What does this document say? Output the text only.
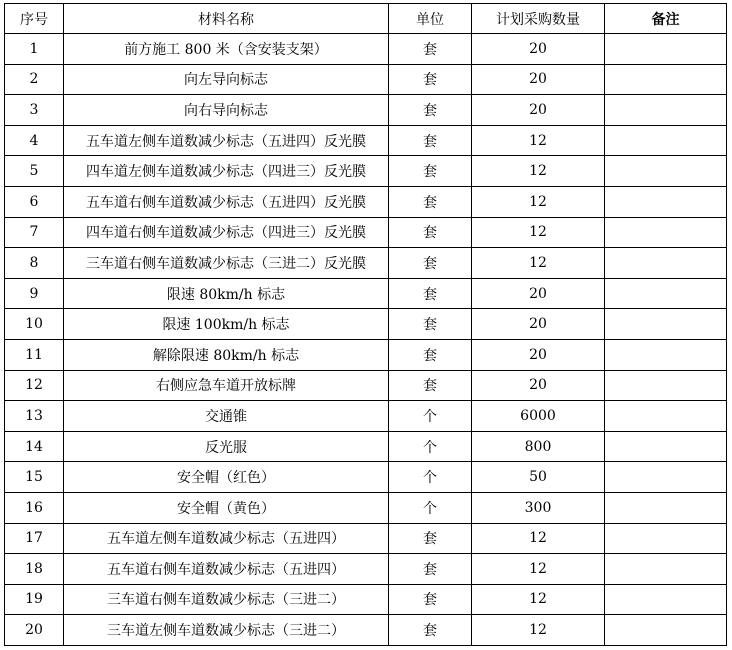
序号	材料名称	单位	计划采购数量	备注
1	前方施工 800 米（含安装支架）	套	20	
2	向左导向标志	套	20	
3	向右导向标志	套	20	
4	五车道左侧车道数减少标志（五进四）反光膜	套	12	
5	四车道左侧车道数减少标志（四进三）反光膜	套	12	
6	五车道右侧车道数减少标志（五进四）反光膜	套	12	
7	四车道右侧车道数减少标志（四进三）反光膜	套	12	
8	三车道右侧车道数减少标志（三进二）反光膜	套	12	
9	限速 80km/h 标志	套	20	
10	限速 100km/h 标志	套	20	
11	解除限速 80km/h 标志	套	20	
12	右侧应急车道开放标牌	套	20	
13	交通锥	个	6000	
14	反光服	个	800	
15	安全帽（红色）	个	50	
16	安全帽（黄色）	个	300	
17	五车道左侧车道数减少标志（五进四）	套	12	
18	五车道右侧车道数减少标志（五进四）	套	12	
19	三车道右侧车道数减少标志（三进二）	套	12	
20	三车道左侧车道数减少标志（三进二）	套	12	
